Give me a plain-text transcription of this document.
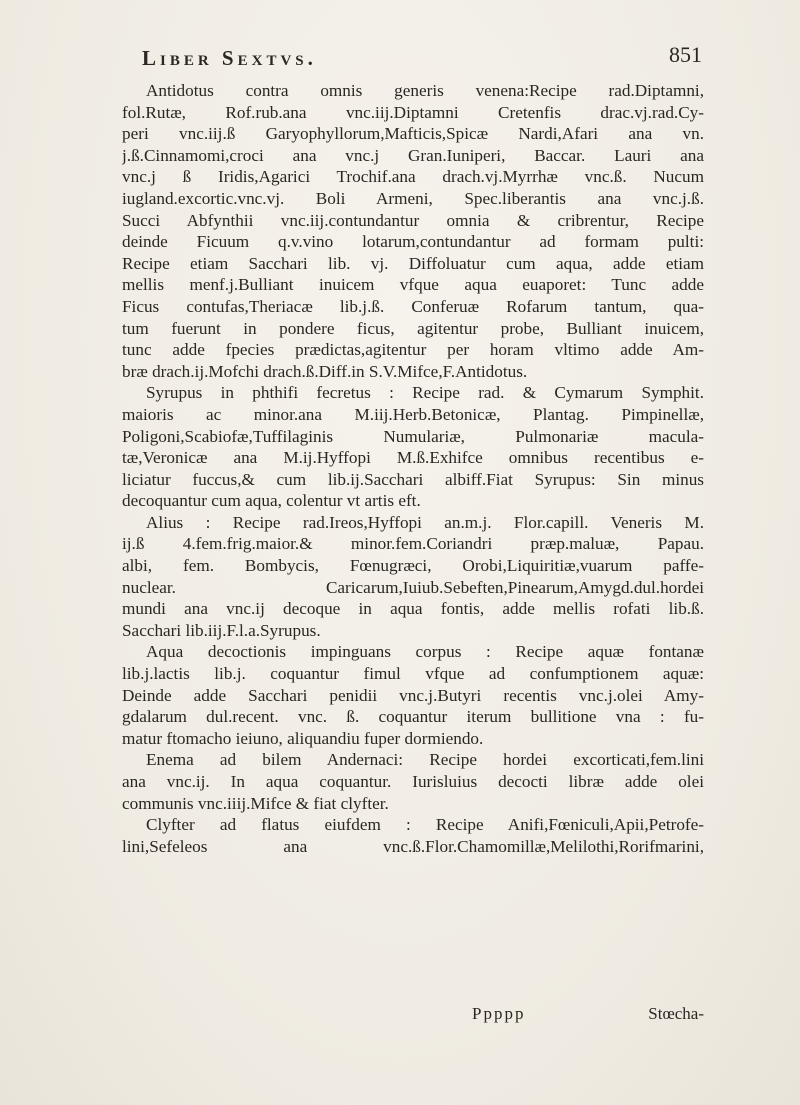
Liber Sextvs.	851
Antidotus contra omnis generis venena:Recipe rad.Diptamni,
fol.Rutæ, Rof.rub.ana vnc.iij.Diptamni Cretenfis drac.vj.rad.Cy-
peri vnc.iij.ß Garyophyllorum,Mafticis,Spicæ Nardi,Afari ana vn.
j.ß.Cinnamomi,croci ana vnc.j Gran.Iuniperi, Baccar. Lauri ana
vnc.j ß Iridis,Agarici Trochif.ana drach.vj.Myrrhæ vnc.ß. Nucum
iugland.excortic.vnc.vj. Boli Armeni, Spec.liberantis ana vnc.j.ß.
Succi Abfynthii vnc.iij.contundantur omnia & cribrentur, Recipe
deinde Ficuum q.v.vino lotarum,contundantur ad formam pulti:
Recipe etiam Sacchari lib. vj. Diffoluatur cum aqua, adde etiam
mellis menf.j.Bulliant inuicem vfque aqua euaporet: Tunc adde
Ficus contufas,Theriacæ lib.j.ß. Conferuæ Rofarum tantum, qua-
tum fuerunt in pondere ficus, agitentur probe, Bulliant inuicem,
tunc adde fpecies prædictas,agitentur per horam vltimo adde Am-
bræ drach.ij.Mofchi drach.ß.Diff.in S.V.Mifce,F.Antidotus.
Syrupus in phthifi fecretus : Recipe rad. & Cymarum Symphit.
maioris ac minor.ana M.iij.Herb.Betonicæ, Plantag. Pimpinellæ,
Poligoni,Scabiofæ,Tuffilaginis Numulariæ, Pulmonariæ macula-
tæ,Veronicæ ana M.ij.Hyffopi M.ß.Exhifce omnibus recentibus e-
liciatur fuccus,& cum lib.ij.Sacchari albiff.Fiat Syrupus: Sin minus
decoquantur cum aqua, colentur vt artis eft.
Alius : Recipe rad.Ireos,Hyffopi an.m.j. Flor.capill. Veneris M.
ij.ß 4.fem.frig.maior.& minor.fem.Coriandri præp.maluæ, Papau.
albi, fem. Bombycis, Fœnugræci, Orobi,Liquiritiæ,vuarum paffe-
nuclear. Caricarum,Iuiub.Sebeften,Pinearum,Amygd.dul.hordei
mundi ana vnc.ij decoque in aqua fontis, adde mellis rofati lib.ß.
Sacchari lib.iij.F.l.a.Syrupus.
Aqua decoctionis impinguans corpus : Recipe aquæ fontanæ
lib.j.lactis lib.j. coquantur fimul vfque ad confumptionem aquæ:
Deinde adde Sacchari penidii vnc.j.Butyri recentis vnc.j.olei Amy-
gdalarum dul.recent. vnc. ß. coquantur iterum bullitione vna : fu-
matur ftomacho ieiuno, aliquandiu fuper dormiendo.
Enema ad bilem Andernaci: Recipe hordei excorticati,fem.lini
ana vnc.ij. In aqua coquantur. Iurisluius decocti libræ adde olei
communis vnc.iiij.Mifce & fiat clyfter.
Clyfter ad flatus eiufdem : Recipe Anifi,Fœniculi,Apii,Petrofe-
lini,Sefeleos ana vnc.ß.Flor.Chamomillæ,Melilothi,Rorifmarini,
Ppppp	Stœcha-
